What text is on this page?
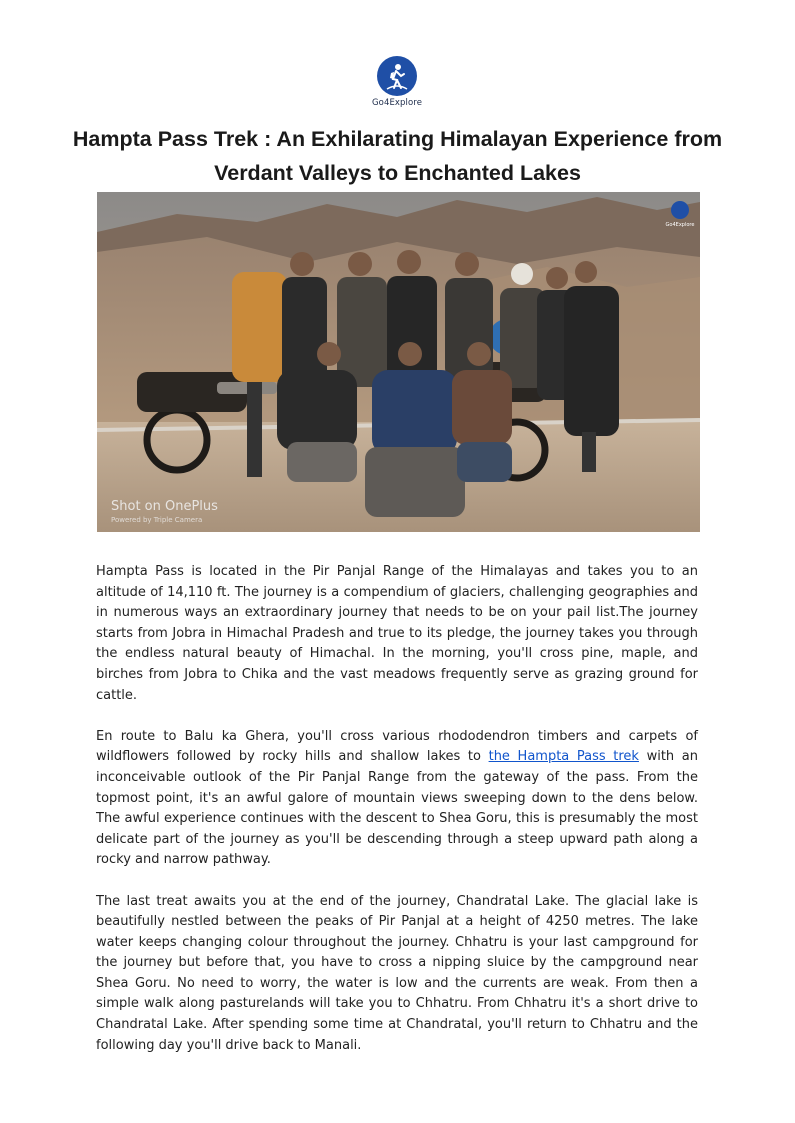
Go4Explore
Hampta Pass Trek : An Exhilarating Himalayan Experience from Verdant Valleys to Enchanted Lakes
Go4Explore
Shot on OnePlus
Powered by Triple Camera

Hampta Pass is located in the Pir Panjal Range of the Himalayas and takes you to an altitude of 14,110 ft. The journey is a compendium of glaciers, challenging geographies and in numerous ways an extraordinary journey that needs to be on your pail list.The journey starts from Jobra in Himachal Pradesh and true to its pledge, the journey takes you through the endless natural beauty of Himachal. In the morning, you'll cross pine, maple, and birches from Jobra to Chika and the vast meadows frequently serve as grazing ground for cattle.

En route to Balu ka Ghera, you'll cross various rhododendron timbers and carpets of wildflowers followed by rocky hills and shallow lakes to the Hampta Pass trek with an inconceivable outlook of the Pir Panjal Range from the gateway of the pass. From the topmost point, it's an awful galore of mountain views sweeping down to the dens below. The awful experience continues with the descent to Shea Goru, this is presumably the most delicate part of the journey as you'll be descending through a steep upward path along a rocky and narrow pathway.

The last treat awaits you at the end of the journey, Chandratal Lake. The glacial lake is beautifully nestled between the peaks of Pir Panjal at a height of 4250 metres. The lake water keeps changing colour throughout the journey. Chhatru is your last campground for the journey but before that, you have to cross a nipping sluice by the campground near Shea Goru. No need to worry, the water is low and the currents are weak. From then a simple walk along pasturelands will take you to Chhatru. From Chhatru it's a short drive to Chandratal Lake. After spending some time at Chandratal, you'll return to Chhatru and the following day you'll drive back to Manali.
